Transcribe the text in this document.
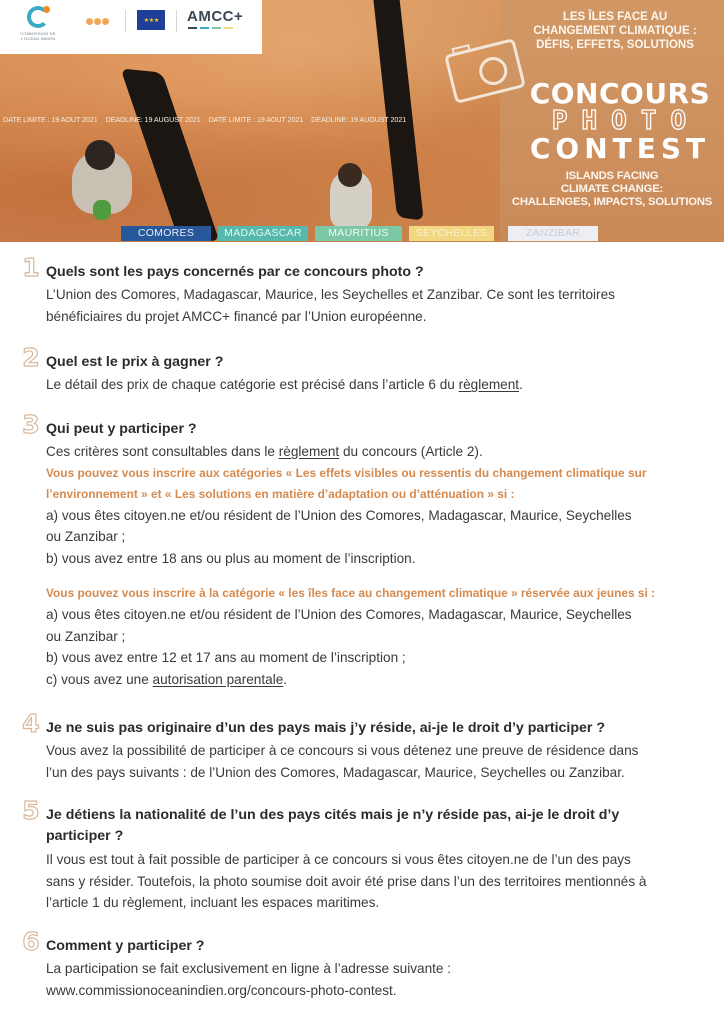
COMMISSION DE
L'OCÉAN INDIEN
★ ★ ★	AMCC+
DATE LIMITE : 19 AOUT 2021 DEADLINE: 19 AUGUST 2021 DATE LIMITE : 19 AOUT 2021 DEADLINE: 19 AUGUST 2021
LES ÎLES FACE AU
CHANGEMENT CLIMATIQUE :
DÉFIS, EFFETS, SOLUTIONS
CONCOURS
PHOTO
CONTEST
ISLANDS FACING
CLIMATE CHANGE:
CHALLENGES, IMPACTS, SOLUTIONS
COMORES	MADAGASCAR	MAURITIUS	SEYCHELLES	ZANZIBAR
1 Quels sont les pays concernés par ce concours photo ?
L’Union des Comores, Madagascar, Maurice, les Seychelles et Zanzibar. Ce sont les territoires
bénéficiaires du projet AMCC+ financé par l’Union européenne.
2 Quel est le prix à gagner ?
Le détail des prix de chaque catégorie est précisé dans l’article 6 du règlement.
3 Qui peut y participer ?
Ces critères sont consultables dans le règlement du concours (Article 2).
Vous pouvez vous inscrire aux catégories « Les effets visibles ou ressentis du changement climatique sur
l’environnement » et « Les solutions en matière d’adaptation ou d’atténuation » si :
a) vous êtes citoyen.ne et/ou résident de l’Union des Comores, Madagascar, Maurice, Seychelles
ou Zanzibar ;
b) vous avez entre 18 ans ou plus au moment de l’inscription.
Vous pouvez vous inscrire à la catégorie « les îles face au changement climatique » réservée aux jeunes si :
a) vous êtes citoyen.ne et/ou résident de l’Union des Comores, Madagascar, Maurice, Seychelles
ou Zanzibar ;
b) vous avez entre 12 et 17 ans au moment de l’inscription ;
c) vous avez une autorisation parentale.
4 Je ne suis pas originaire d’un des pays mais j’y réside, ai-je le droit d’y participer ?
Vous avez la possibilité de participer à ce concours si vous détenez une preuve de résidence dans
l’un des pays suivants : de l’Union des Comores, Madagascar, Maurice, Seychelles ou Zanzibar.
5 Je détiens la nationalité de l’un des pays cités mais je n’y réside pas, ai-je le droit d’y
participer ?
Il vous est tout à fait possible de participer à ce concours si vous êtes citoyen.ne de l’un des pays
sans y résider. Toutefois, la photo soumise doit avoir été prise dans l’un des territoires mentionnés à
l’article 1 du règlement, incluant les espaces maritimes.
6 Comment y participer ?
La participation se fait exclusivement en ligne à l’adresse suivante :
www.commissionoceanindien.org/concours-photo-contest.
